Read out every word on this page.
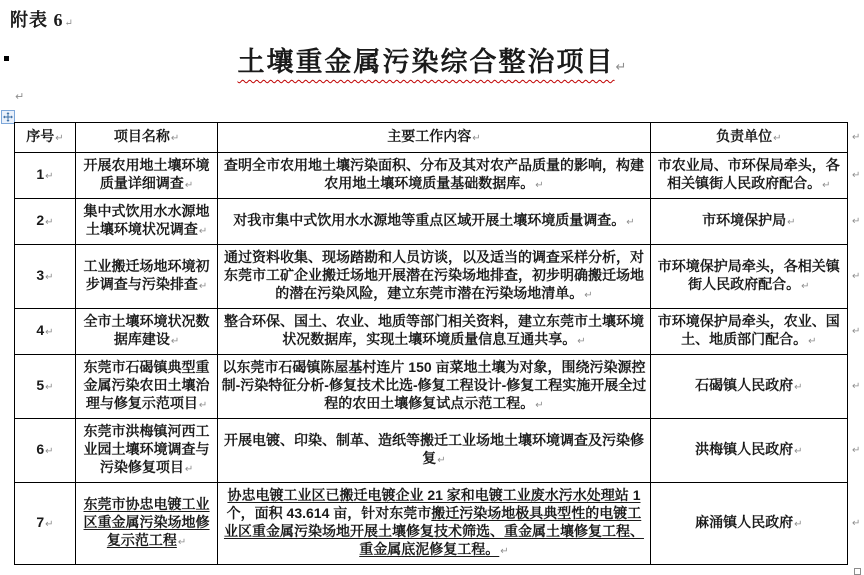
附表 6↵
土壤重金属污染综合整治项目↵
↵
序号↵	项目名称↵	主要工作内容↵	负责单位↵	↵
1↵	开展农用地土壤环境质量详细调查↵	查明全市农用地土壤污染面积、分布及其对农产品质量的影响，构建农用地土壤环境质量基础数据库。↵	市农业局、市环保局牵头，各相关镇街人民政府配合。↵	↵
2↵	集中式饮用水水源地土壤环境状况调查↵	对我市集中式饮用水水源地等重点区域开展土壤环境质量调查。↵	市环境保护局↵	↵
3↵	工业搬迁场地环境初步调查与污染排查↵	通过资料收集、现场踏勘和人员访谈，以及适当的调查采样分析，对东莞市工矿企业搬迁场地开展潜在污染场地排查，初步明确搬迁场地的潜在污染风险，建立东莞市潜在污染场地清单。↵	市环境保护局牵头，各相关镇街人民政府配合。↵	↵
4↵	全市土壤环境状况数据库建设↵	整合环保、国土、农业、地质等部门相关资料，建立东莞市土壤环境状况数据库，实现土壤环境质量信息互通共享。↵	市环境保护局牵头，农业、国土、地质部门配合。↵	↵
5↵	东莞市石碣镇典型重金属污染农田土壤治理与修复示范项目↵	以东莞市石碣镇陈屋基村连片 150 亩菜地土壤为对象，围绕污染源控制-污染特征分析-修复技术比选-修复工程设计-修复工程实施开展全过程的农田土壤修复试点示范工程。↵	石碣镇人民政府↵	↵
6↵	东莞市洪梅镇河西工业园土壤环境调查与污染修复项目↵	开展电镀、印染、制革、造纸等搬迁工业场地土壤环境调查及污染修复↵	洪梅镇人民政府↵	↵
7↵	东莞市协忠电镀工业区重金属污染场地修复示范工程↵	协忠电镀工业区已搬迁电镀企业 21 家和电镀工业废水污水处理站 1个，面积 43.614 亩，针对东莞市搬迁污染场地极具典型性的电镀工业区重金属污染场地开展土壤修复技术筛选、重金属土壤修复工程、重金属底泥修复工程。↵	麻涌镇人民政府↵	↵
